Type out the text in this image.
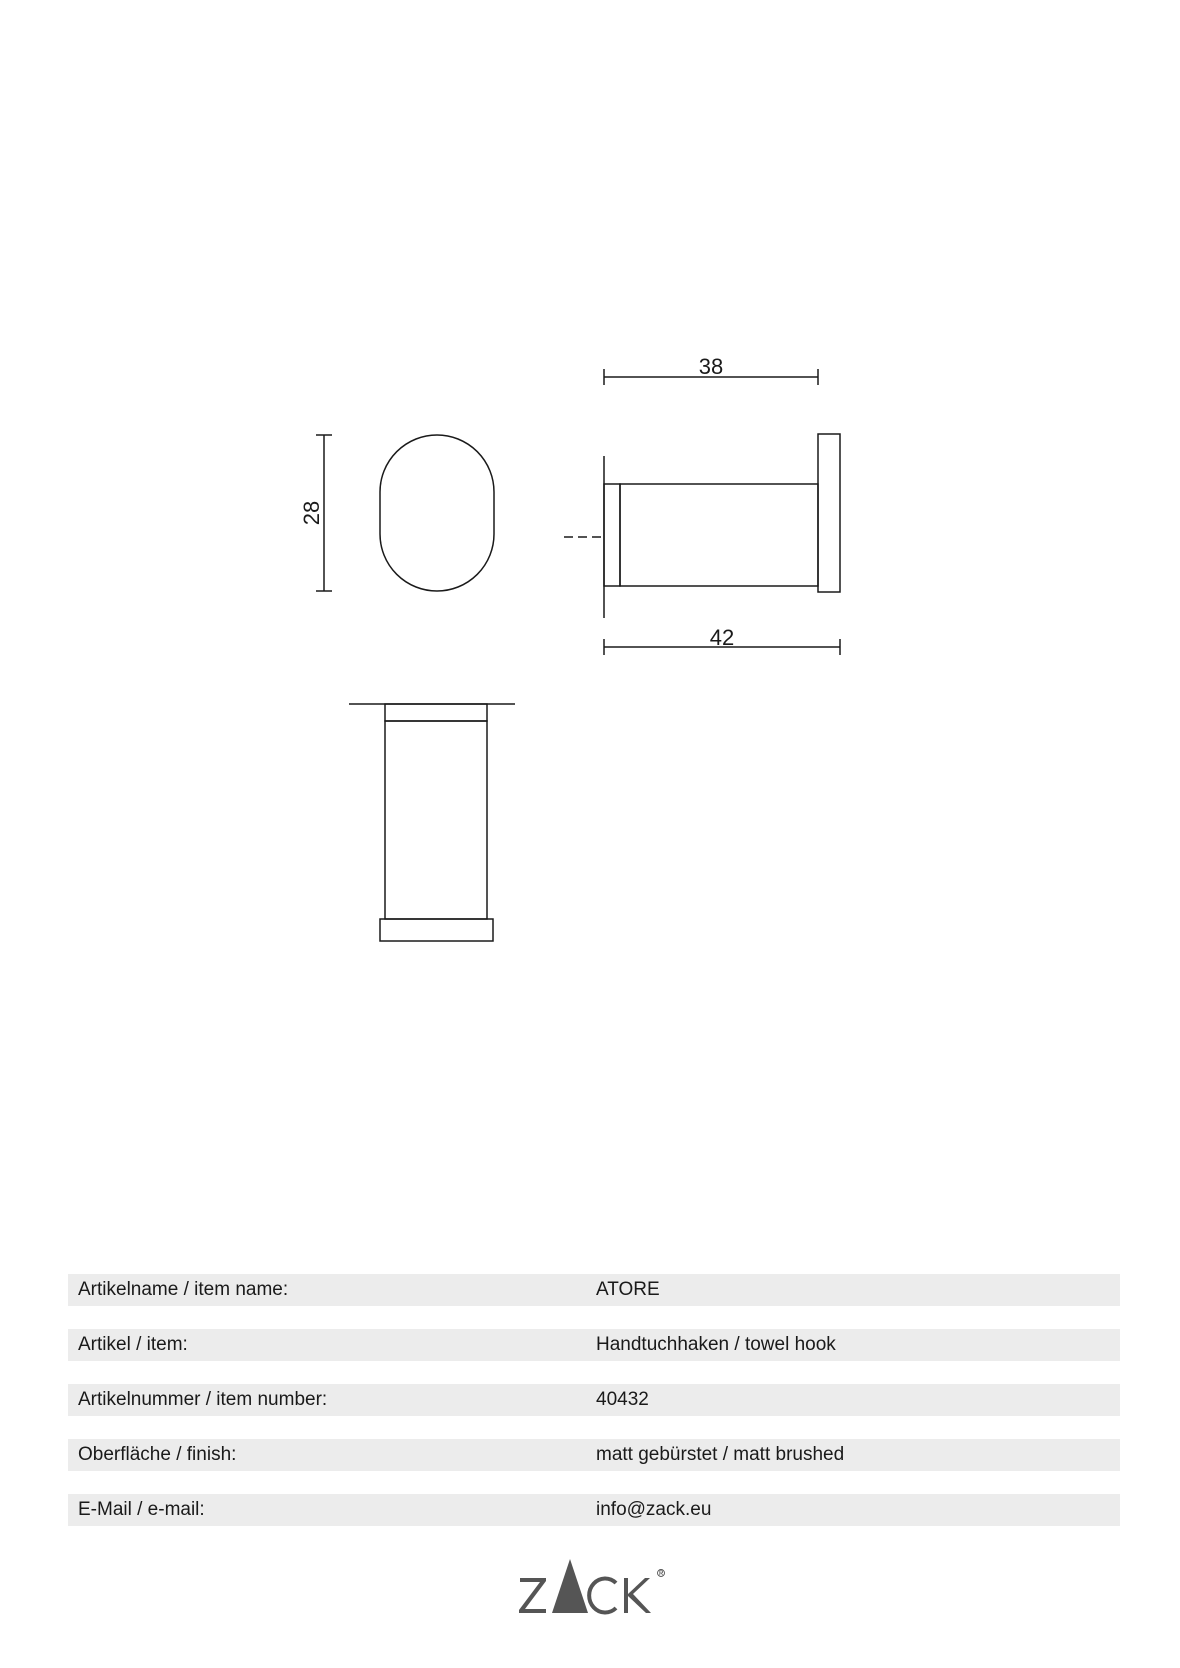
28
38
42
Artikelname / item name:	ATORE
Artikel / item:	Handtuchhaken / towel hook
Artikelnummer / item number:	40432
Oberfläche / finish:	matt gebürstet / matt brushed
E-Mail / e-mail:	info@zack.eu
